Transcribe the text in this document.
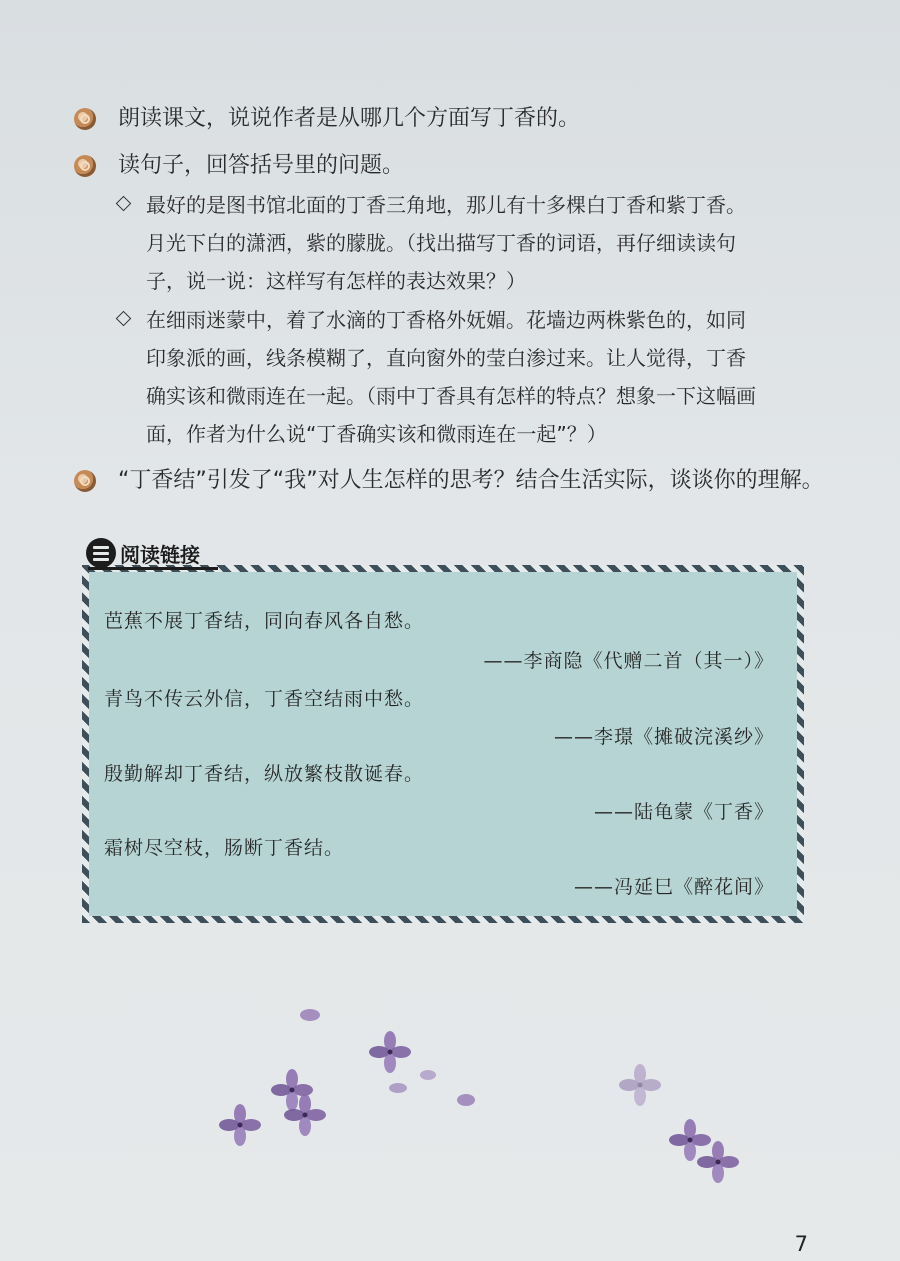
朗读课文，说说作者是从哪几个方面写丁香的。
读句子，回答括号里的问题。
最好的是图书馆北面的丁香三角地，那儿有十多棵白丁香和紫丁香。
月光下白的潇洒，紫的朦胧。（找出描写丁香的词语，再仔细读读句
子，说一说：这样写有怎样的表达效果？）
在细雨迷蒙中，着了水滴的丁香格外妩媚。花墙边两株紫色的，如同
印象派的画，线条模糊了，直向窗外的莹白渗过来。让人觉得，丁香
确实该和微雨连在一起。（雨中丁香具有怎样的特点？想象一下这幅画
面，作者为什么说“丁香确实该和微雨连在一起”？）
“丁香结”引发了“我”对人生怎样的思考？结合生活实际，谈谈你的理解。
阅读链接
芭蕉不展丁香结，同向春风各自愁。
——李商隐《代赠二首（其一）》
青鸟不传云外信，丁香空结雨中愁。
——李璟《摊破浣溪纱》
殷勤解却丁香结，纵放繁枝散诞春。
——陆龟蒙《丁香》
霜树尽空枝，肠断丁香结。
——冯延巳《醉花间》
7
